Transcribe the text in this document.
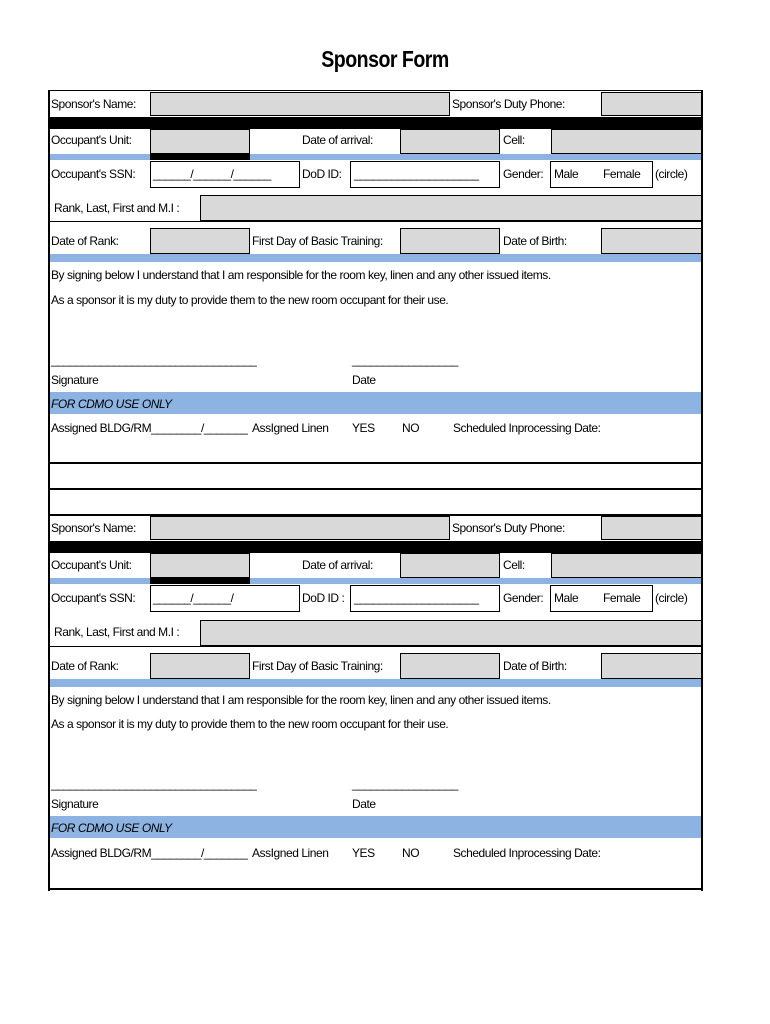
Sponsor Form
Sponsor's Name:	Sponsor's Duty Phone:
Occupant's Unit:	Date of arrival:	Cell:
Occupant's SSN: ______/______/______	DoD ID: ____________________ Gender: Male Female (circle)
Rank, Last, First and M.I :
Date of Rank:	First Day of Basic Training:	Date of Birth:
By signing below I understand that I am responsible for the room key, linen and any other issued items.
As a sponsor it is my duty to provide them to the new room occupant for their use.
_________________________________	_________________
Signature	Date
FOR CDMO USE ONLY
Assigned BLDG/RM________/_______ AssIgned Linen YES NO	Scheduled Inprocessing Date:
Sponsor's Name:	Sponsor's Duty Phone:
Occupant's Unit:	Date of arrival:	Cell:
Occupant's SSN: ______/______/	DoD ID : ____________________ Gender: Male Female (circle)
Rank, Last, First and M.I :
Date of Rank:	First Day of Basic Training:	Date of Birth:
By signing below I understand that I am responsible for the room key, linen and any other issued items.
As a sponsor it is my duty to provide them to the new room occupant for their use.
_________________________________	_________________
Signature	Date
FOR CDMO USE ONLY
Assigned BLDG/RM________/_______ AssIgned Linen YES NO	Scheduled Inprocessing Date:
